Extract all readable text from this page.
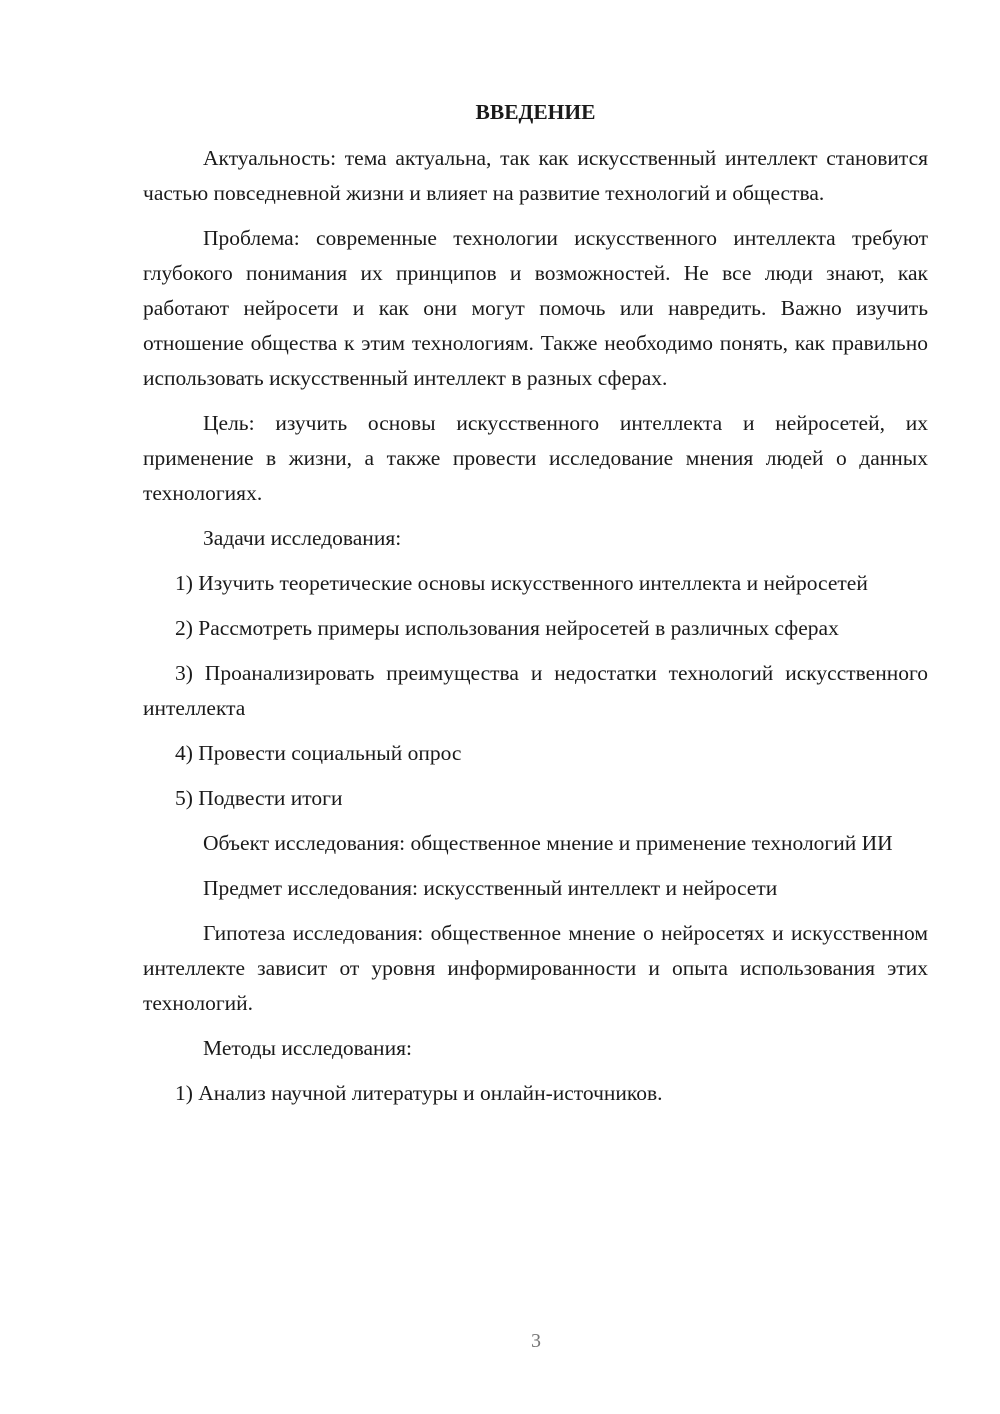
ВВЕДЕНИЕ

Актуальность: тема актуальна, так как искусственный интеллект становится частью повседневной жизни и влияет на развитие технологий и общества.

Проблема: современные технологии искусственного интеллекта требуют глубокого понимания их принципов и возможностей. Не все люди знают, как работают нейросети и как они могут помочь или навредить. Важно изучить отношение общества к этим технологиям. Также необходимо понять, как правильно использовать искусственный интеллект в разных сферах.

Цель: изучить основы искусственного интеллекта и нейросетей, их применение в жизни, а также провести исследование мнения людей о данных технологиях.

Задачи исследования:

1) Изучить теоретические основы искусственного интеллекта и нейросетей

2) Рассмотреть примеры использования нейросетей в различных сферах

3) Проанализировать преимущества и недостатки технологий искусственного интеллекта

4) Провести социальный опрос

5) Подвести итоги

Объект исследования: общественное мнение и применение технологий ИИ

Предмет исследования: искусственный интеллект и нейросети

Гипотеза исследования: общественное мнение о нейросетях и искусственном интеллекте зависит от уровня информированности и опыта использования этих технологий.

Методы исследования:

1) Анализ научной литературы и онлайн-источников.

3
